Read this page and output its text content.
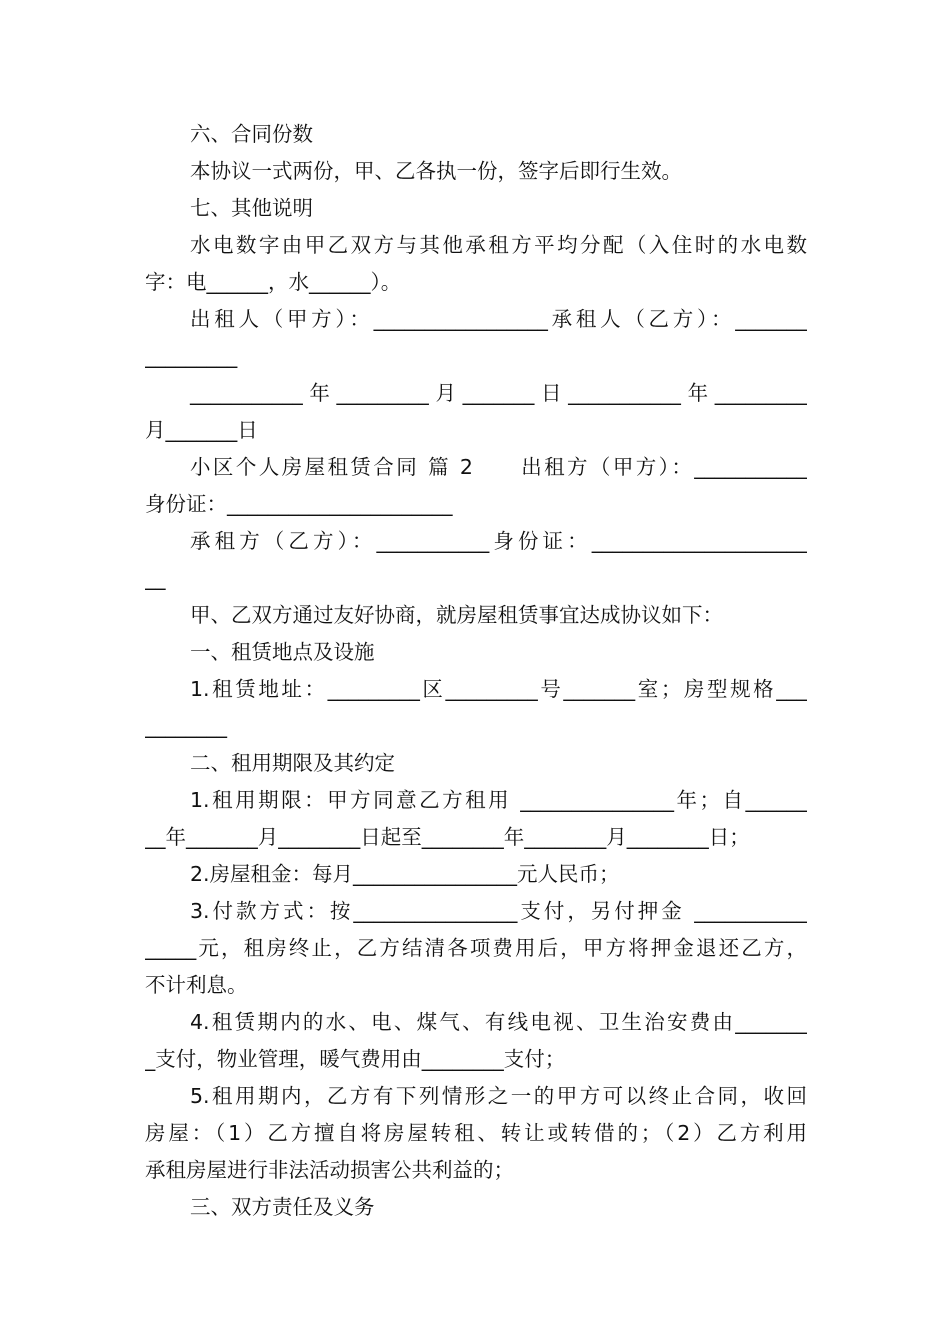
六、合同份数
本协议一式两份，甲、乙各执一份，签字后即行生效。
七、其他说明
水电数字由甲乙双方与其他承租方平均分配（入住时的水电数
字：电______，水______）。
出租人（甲方）：_________________承租人（乙方）：_______
_________
___________年_________月_______日___________年_________
月_______日
小区个人房屋租赁合同 篇 2　　出租方（甲方）：___________
身份证：______________________
承租方（乙方）：___________身份证：_____________________
__
甲、乙双方通过友好协商，就房屋租赁事宜达成协议如下：
一、租赁地点及设施
1.租赁地址：_________区_________号_______室；房型规格___
________
二、租用期限及其约定
1.租用期限：甲方同意乙方租用 _______________年；自______
__年_______月________日起至________年________月________日；
2.房屋租金：每月________________元人民币；
3.付款方式：按________________支付，另付押金 ___________
_____元，租房终止，乙方结清各项费用后，甲方将押金退还乙方，
不计利息。
4.租赁期内的水、电、煤气、有线电视、卫生治安费由_______
_支付，物业管理，暖气费用由________支付；
5.租用期内，乙方有下列情形之一的甲方可以终止合同，收回
房屋：（1）乙方擅自将房屋转租、转让或转借的；（2）乙方利用
承租房屋进行非法活动损害公共利益的；
三、双方责任及义务
